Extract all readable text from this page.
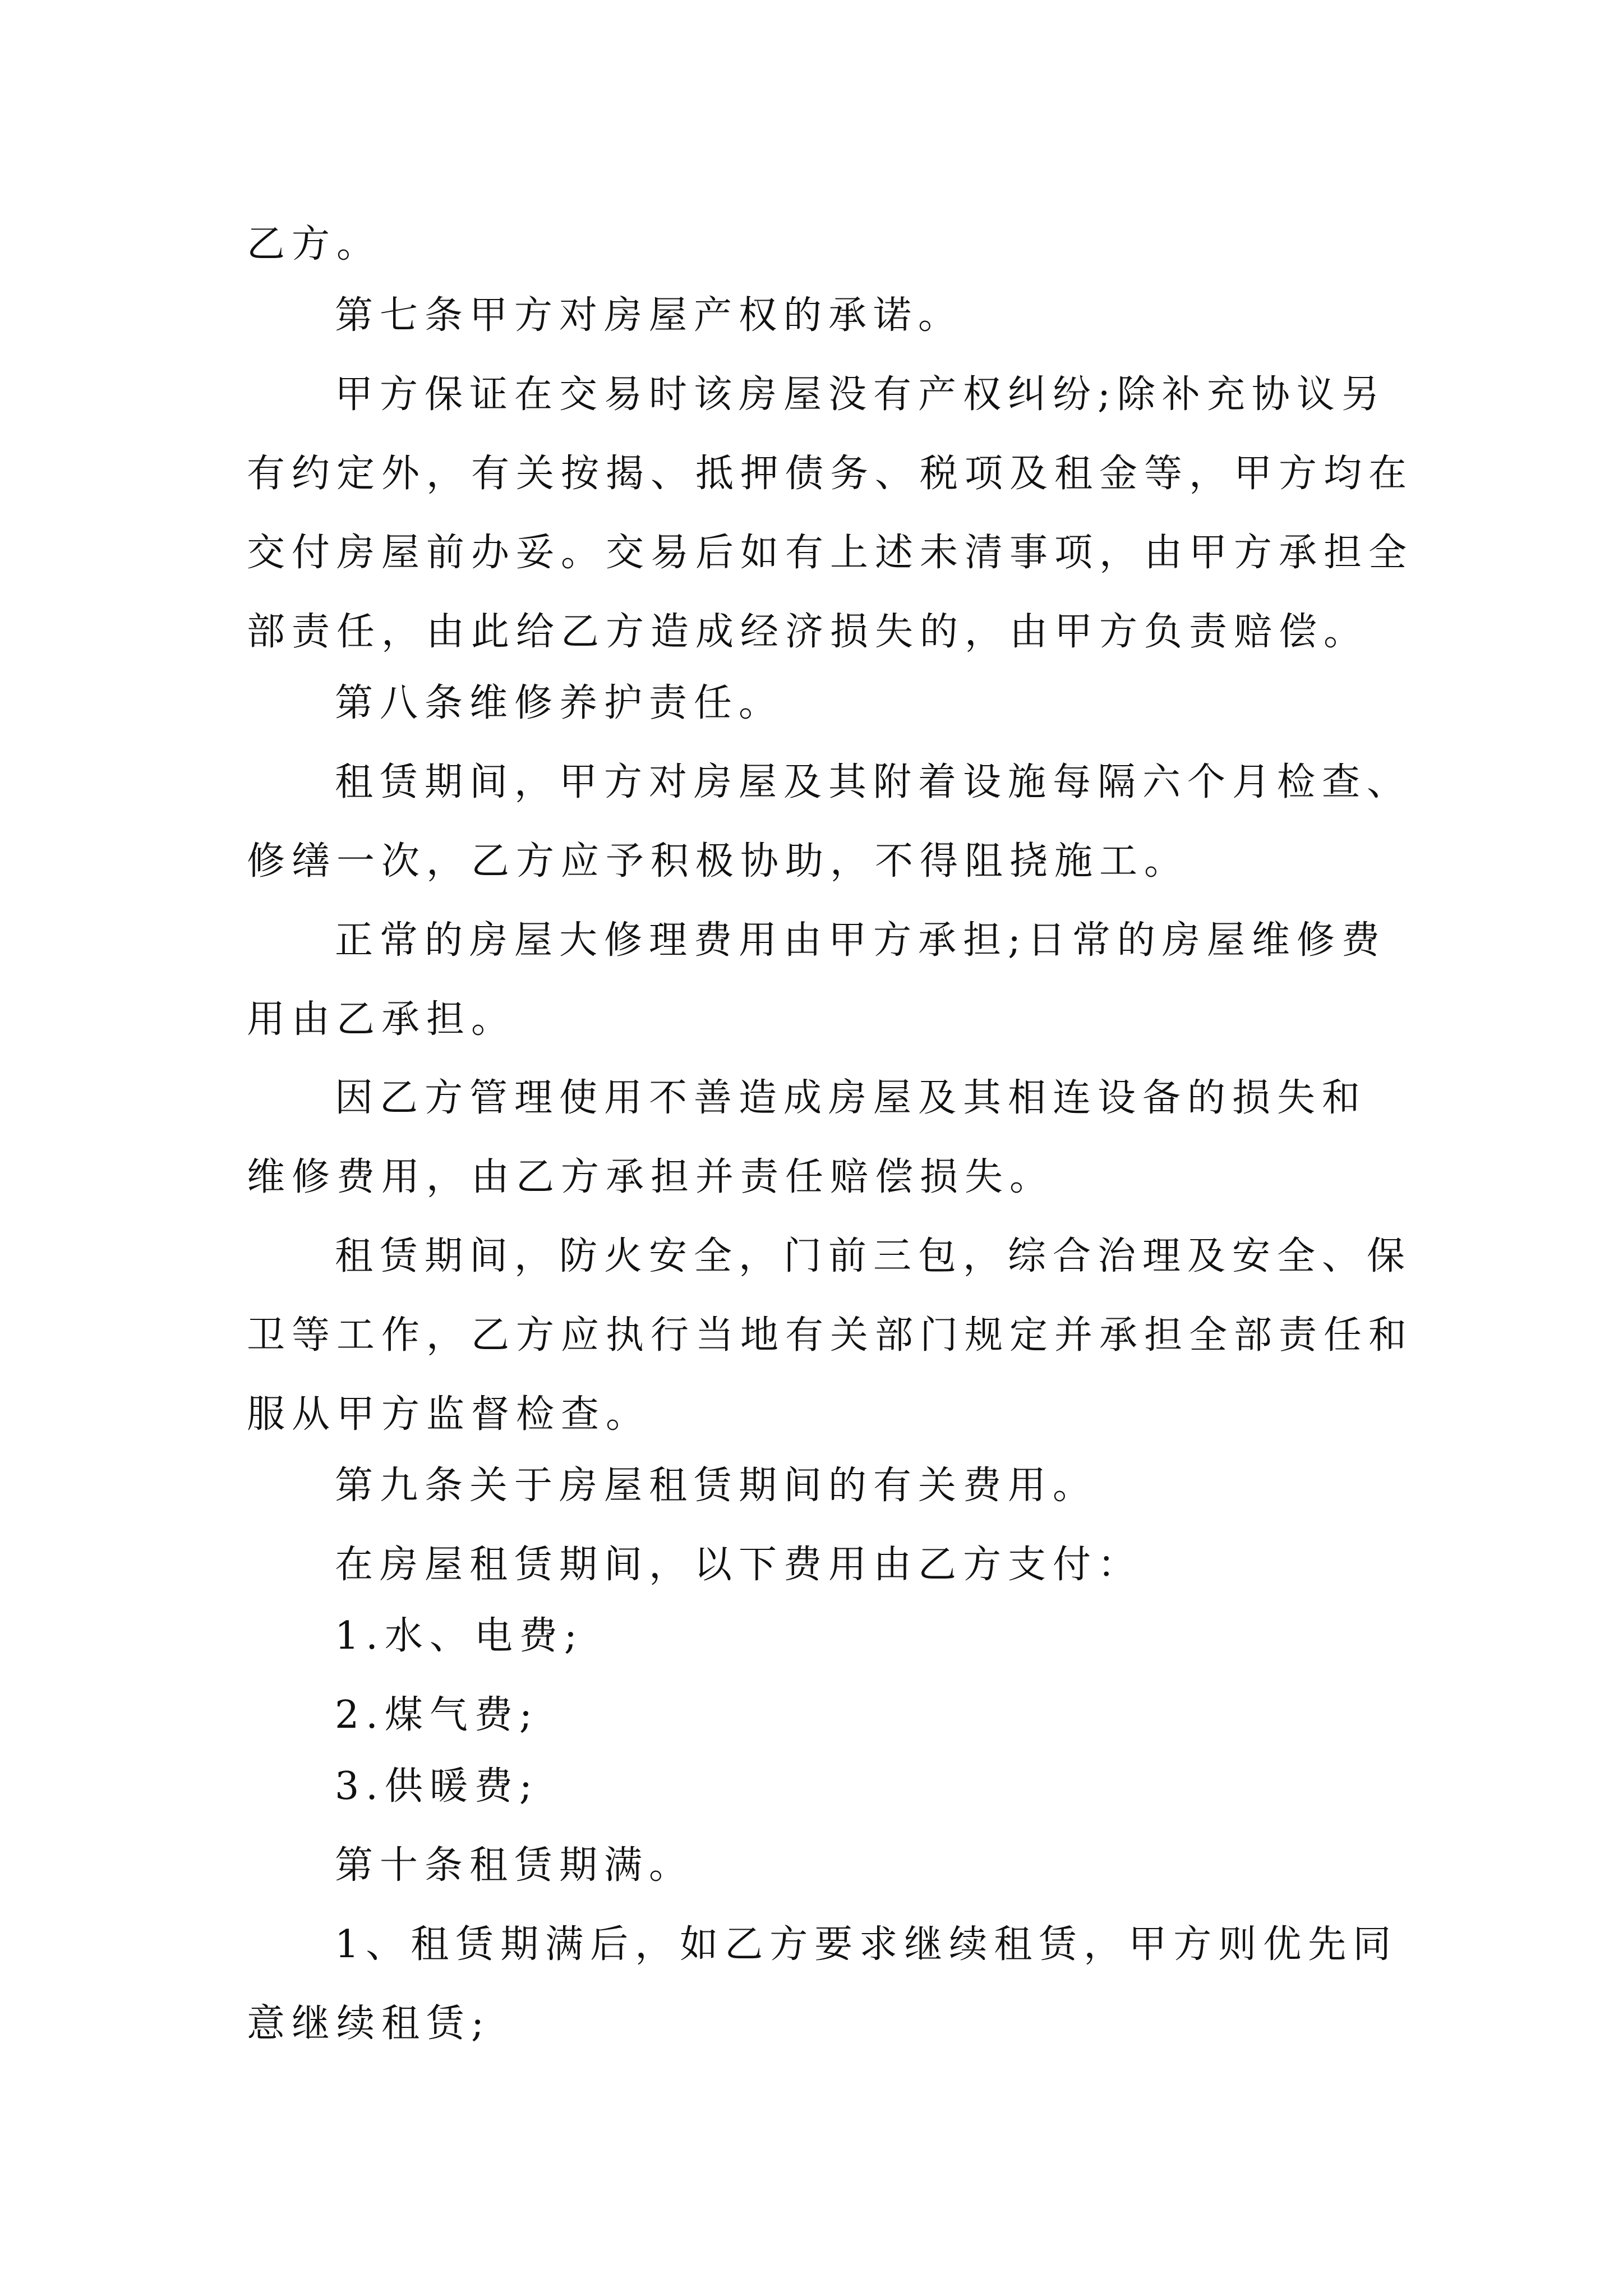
乙方。
第七条甲方对房屋产权的承诺。
甲方保证在交易时该房屋没有产权纠纷;除补充协议另
有约定外，有关按揭、抵押债务、税项及租金等，甲方均在
交付房屋前办妥。交易后如有上述未清事项，由甲方承担全
部责任，由此给乙方造成经济损失的，由甲方负责赔偿。
第八条维修养护责任。
租赁期间，甲方对房屋及其附着设施每隔六个月检查、
修缮一次，乙方应予积极协助，不得阻挠施工。
正常的房屋大修理费用由甲方承担;日常的房屋维修费
用由乙承担。
因乙方管理使用不善造成房屋及其相连设备的损失和
维修费用，由乙方承担并责任赔偿损失。
租赁期间，防火安全，门前三包，综合治理及安全、保
卫等工作，乙方应执行当地有关部门规定并承担全部责任和
服从甲方监督检查。
第九条关于房屋租赁期间的有关费用。
在房屋租赁期间，以下费用由乙方支付：
1.水、电费;
2.煤气费;
3.供暖费;
第十条租赁期满。
1、租赁期满后，如乙方要求继续租赁，甲方则优先同
意继续租赁;
